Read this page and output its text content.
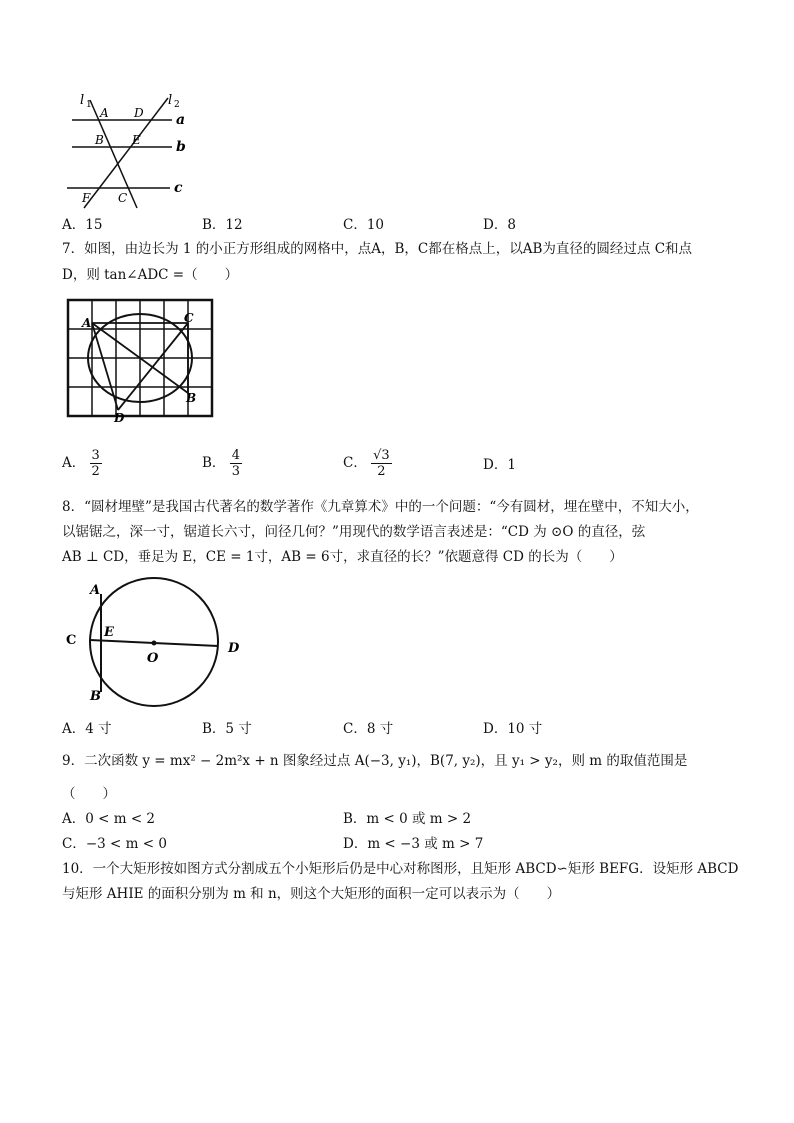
l 1	l 2
A D
B E
F C
a
b
c
A．15	B．12	C．10	D．8
7．如图，由边长为 1 的小正方形组成的网格中，点A，B，C都在格点上，以AB为直径的圆经过点 C和点
D，则 tan∠ADC =（　　）
A	C
B
D
A． $\frac{3}{2}$	B． $\frac{4}{3}$	C． $\frac{√3}{2}$	D．1
8．“圆材埋壁”是我国古代著名的数学著作《九章算术》中的一个问题：“今有圆材，埋在壁中，不知大小，
以锯锯之，深一寸，锯道长六寸，问径几何？”用现代的数学语言表述是：“CD 为 ⊙O 的直径，弦
AB ⊥ CD，垂足为 E，CE = 1寸，AB = 6寸，求直径的长？”依题意得 CD 的长为（　　）
A
B
C
D
E
O
A．4 寸	B．5 寸	C．8 寸	D．10 寸
9．二次函数 y = mx² − 2m²x + n 图象经过点 A(−3, y₁)，B(7, y₂)，且 y₁ > y₂，则 m 的取值范围是
（　　）
A．0 < m < 2	B．m < 0 或 m > 2
C．−3 < m < 0	D．m < −3 或 m > 7
10．一个大矩形按如图方式分割成五个小矩形后仍是中心对称图形，且矩形 ABCD∽矩形 BEFG．设矩形 ABCD
与矩形 AHIE 的面积分别为 m 和 n，则这个大矩形的面积一定可以表示为（　　）
